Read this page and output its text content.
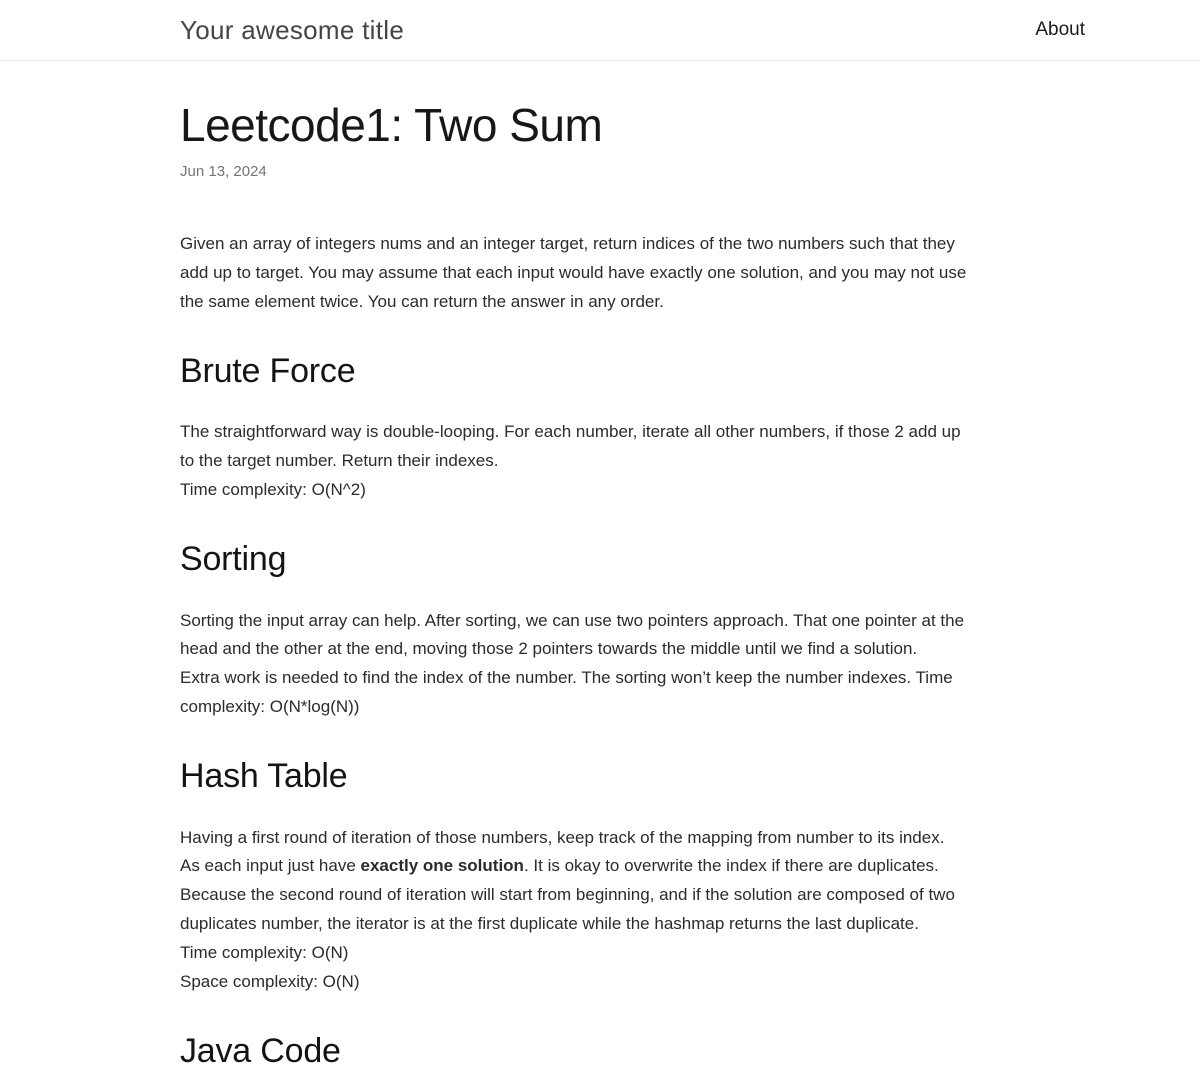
Your awesome title	About
Leetcode1: Two Sum
Jun 13, 2024

Given an array of integers nums and an integer target, return indices of the two numbers such that they
add up to target. You may assume that each input would have exactly one solution, and you may not use
the same element twice. You can return the answer in any order.

Brute Force

The straightforward way is double-looping. For each number, iterate all other numbers, if those 2 add up
to the target number. Return their indexes.
Time complexity: O(N^2)

Sorting

Sorting the input array can help. After sorting, we can use two pointers approach. That one pointer at the
head and the other at the end, moving those 2 pointers towards the middle until we find a solution.
Extra work is needed to find the index of the number. The sorting won’t keep the number indexes. Time
complexity: O(N*log(N))

Hash Table

Having a first round of iteration of those numbers, keep track of the mapping from number to its index.
As each input just have exactly one solution. It is okay to overwrite the index if there are duplicates.
Because the second round of iteration will start from beginning, and if the solution are composed of two
duplicates number, the iterator is at the first duplicate while the hashmap returns the last duplicate.
Time complexity: O(N)
Space complexity: O(N)

Java Code
